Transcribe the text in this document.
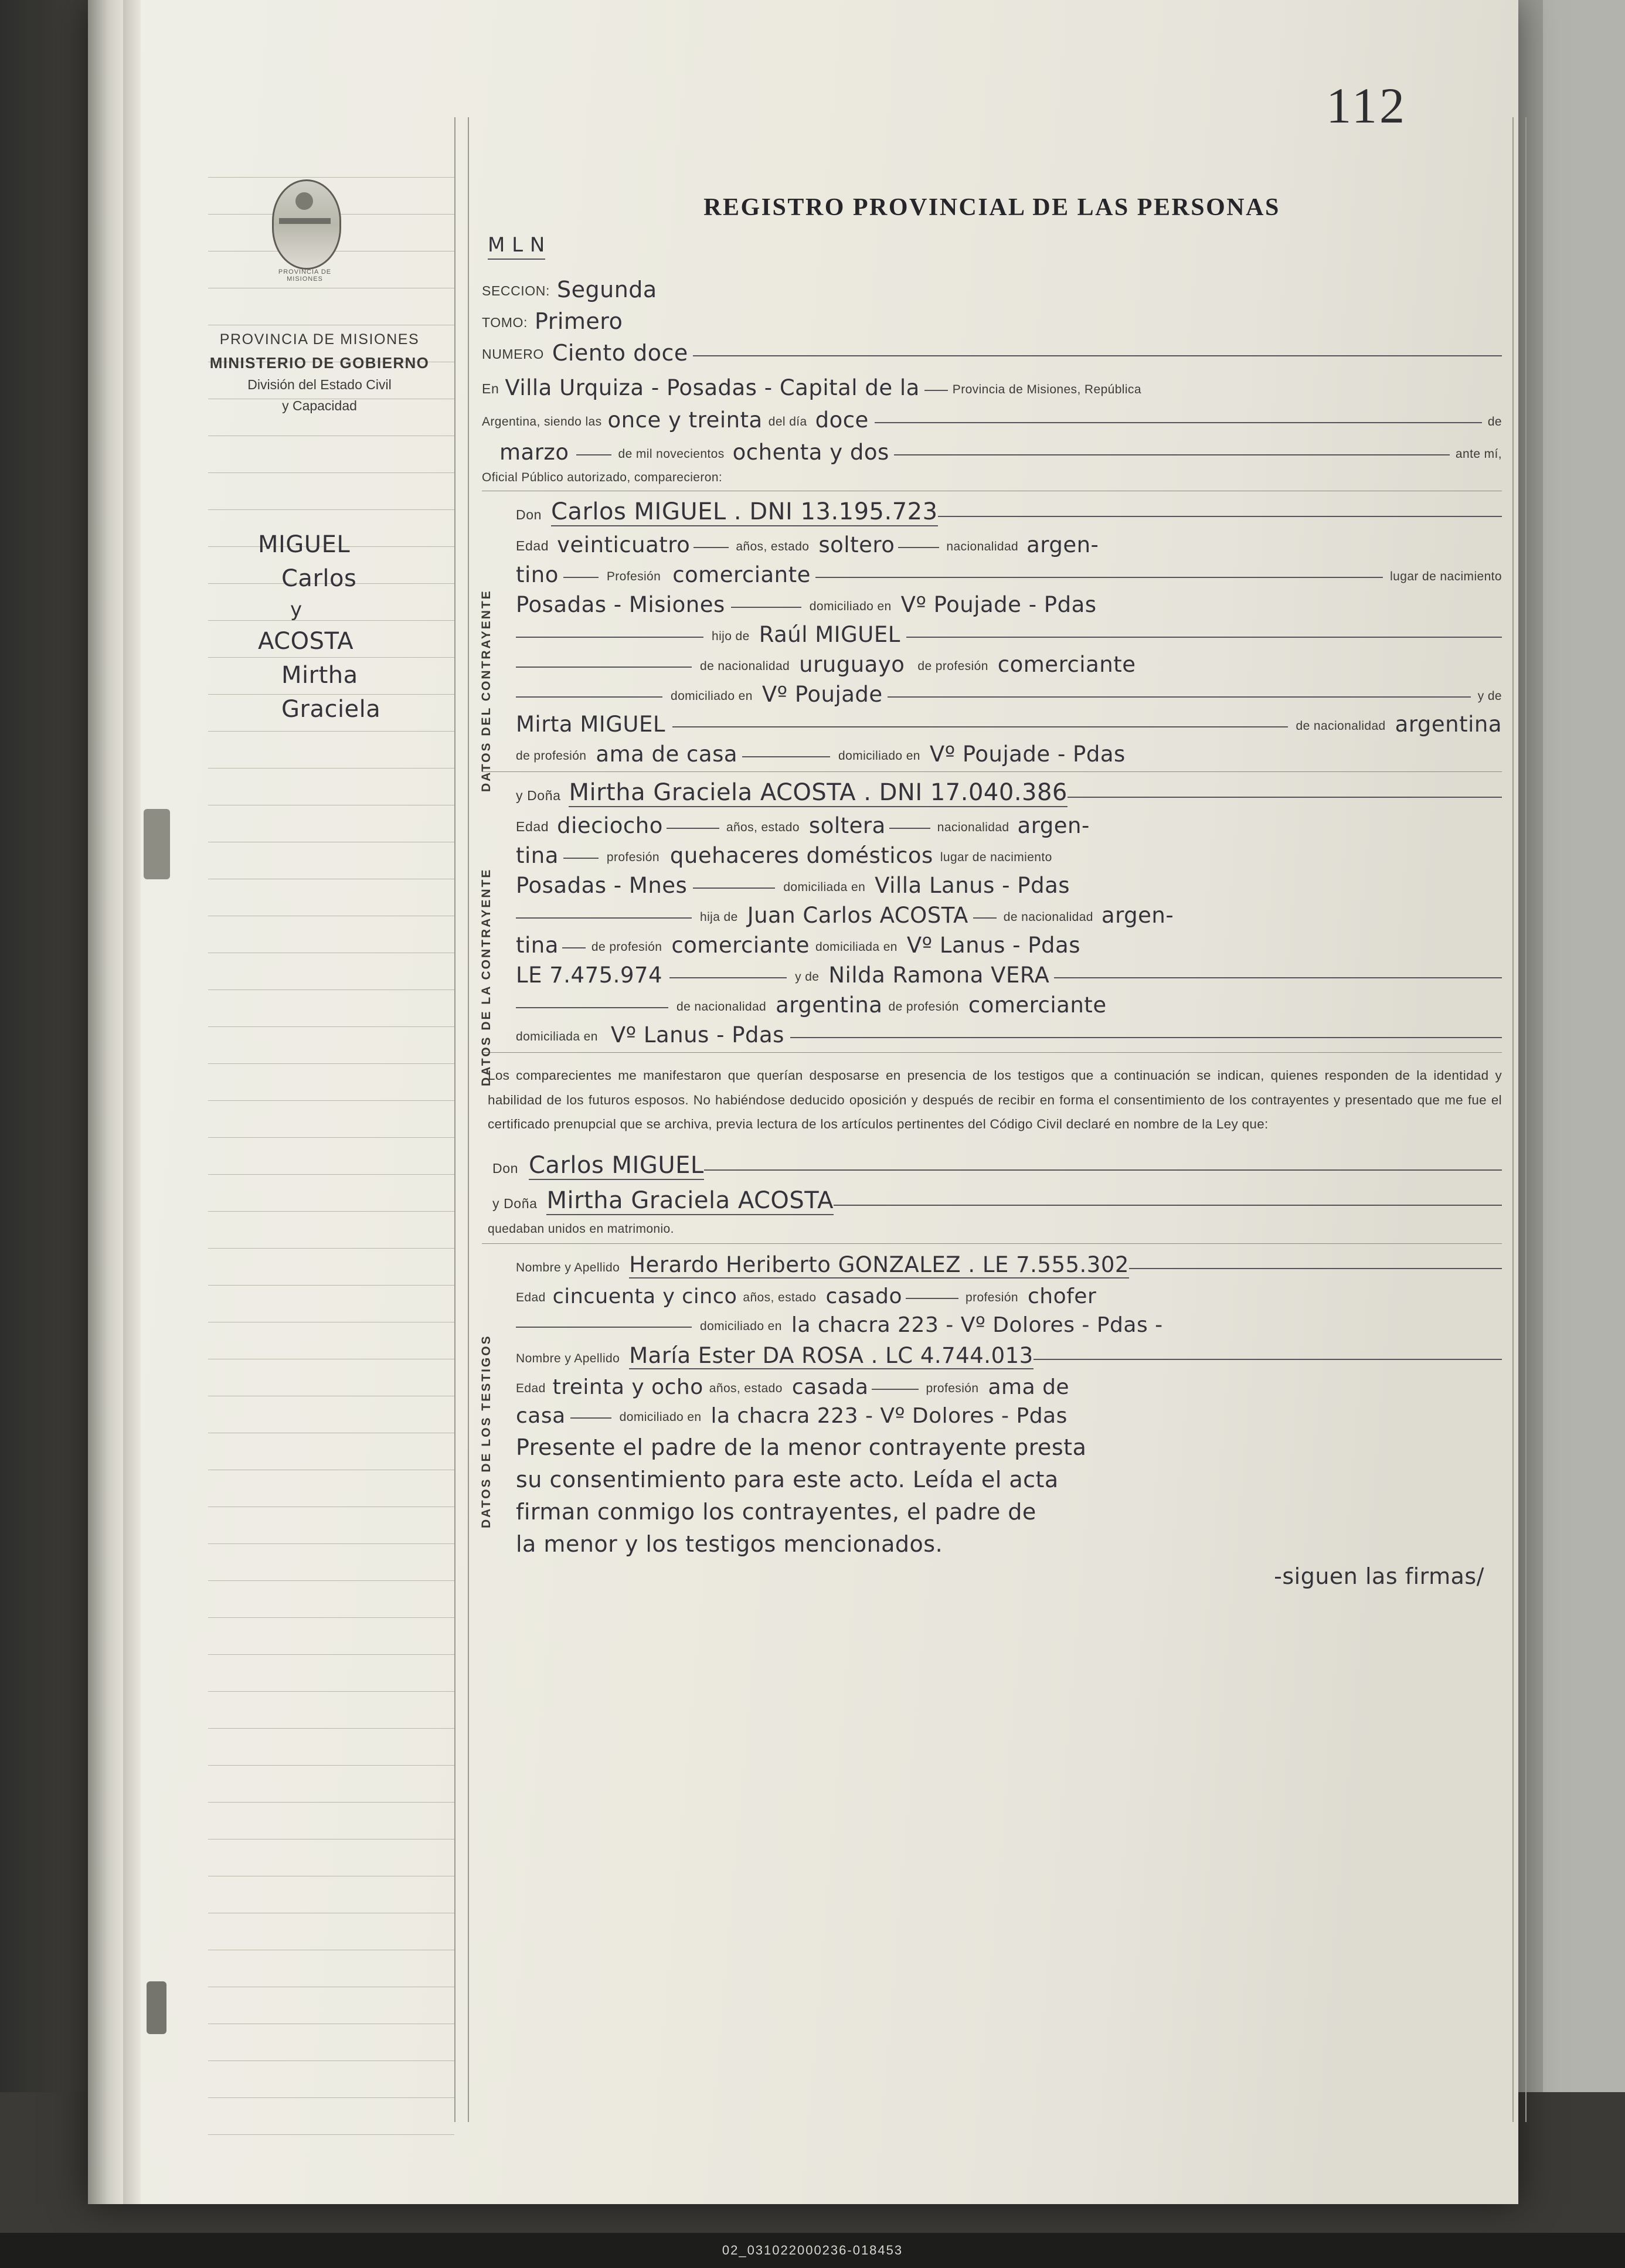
112
PROVINCIA DE MISIONES
PROVINCIA DE MISIONES
MINISTERIO DE GOBIERNO
División del Estado Civil
y Capacidad
MIGUEL
Carlos
y
ACOSTA
Mirtha
Graciela
REGISTRO PROVINCIAL DE LAS PERSONAS
M L N
SECCION: Segunda
TOMO: Primero
NUMERO Ciento doce
En Villa Urquiza - Posadas - Capital de la	Provincia de Misiones, República
Argentina, siendo las once y treinta del día doce	de
marzo	de mil novecientos ochenta y dos	ante mí,
Oficial Público autorizado, comparecieron:
DATOS DEL CONTRAYENTE
Don Carlos MIGUEL . DNI 13.195.723
Edad veinticuatro	años, estado soltero	nacionalidad argen-
tino	Profesión comerciante	lugar de nacimiento
Posadas - Misiones	domiciliado en Vº Poujade - Pdas
hijo de Raúl MIGUEL
de nacionalidad uruguayo de profesión comerciante
domiciliado en Vº Poujade	y de
Mirta MIGUEL	de nacionalidad argentina
de profesión ama de casa	domiciliado en Vº Poujade - Pdas
DATOS DE LA CONTRAYENTE
y Doña Mirtha Graciela ACOSTA . DNI 17.040.386
Edad dieciocho	años, estado soltera	nacionalidad argen-
tina	profesión quehaceres domésticos lugar de nacimiento
Posadas - Mnes	domiciliada en Villa Lanus - Pdas
hija de Juan Carlos ACOSTA	de nacionalidad argen-
tina	de profesión comerciante domiciliada en Vº Lanus - Pdas
LE 7.475.974	y de Nilda Ramona VERA
de nacionalidad argentina de profesión comerciante
domiciliada en Vº Lanus - Pdas
Los comparecientes me manifestaron que querían desposarse en presencia de los testigos que a continuación se indican, quienes responden de la identidad y habilidad de los futuros esposos. No habiéndose deducido oposición y después de recibir en forma el consentimiento de los contrayentes y presentado que me fue el certificado prenupcial que se archiva, previa lectura de los artículos pertinentes del Código Civil declaré en nombre de la Ley que:
Don Carlos MIGUEL
y Doña Mirtha Graciela ACOSTA
quedaban unidos en matrimonio.
DATOS DE LOS TESTIGOS
Nombre y Apellido Herardo Heriberto GONZALEZ . LE 7.555.302
Edad cincuenta y cinco años, estado casado	profesión chofer
domiciliado en la chacra 223 - Vº Dolores - Pdas -
Nombre y Apellido María Ester DA ROSA . LC 4.744.013
Edad treinta y ocho años, estado casada	profesión ama de
casa	domiciliado en la chacra 223 - Vº Dolores - Pdas
Presente el padre de la menor contrayente presta
su consentimiento para este acto. Leída el acta
firman conmigo los contrayentes, el padre de
la menor y los testigos mencionados.
-siguen las firmas/
02_031022000236-018453
